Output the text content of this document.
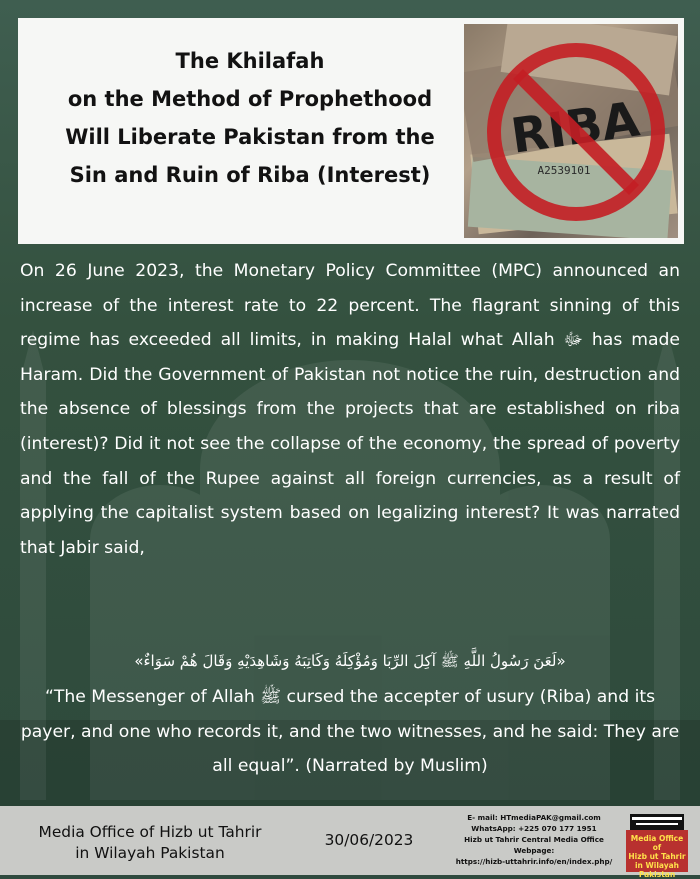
The Khilafah
on the Method of Prophethood
Will Liberate Pakistan from the
Sin and Ruin of Riba (Interest)	A2539101
On 26 June 2023, the Monetary Policy Committee (MPC) announced an increase of the interest rate to 22 percent. The flagrant sinning of this regime has exceeded all limits, in making Halal what Allah ﷻ has made Haram. Did the Government of Pakistan not notice the ruin, destruction and the absence of blessings from the projects that are established on riba (interest)? Did it not see the collapse of the economy, the spread of poverty and the fall of the Rupee against all foreign currencies, as a result of applying the capitalist system based on legalizing interest? It was narrated that Jabir said,
«لَعَنَ رَسُولُ اللَّهِ ﷺ آكِلَ الرِّبَا وَمُؤْكِلَهُ وَكَاتِبَهُ وَشَاهِدَيْهِ وَقَالَ هُمْ سَوَاءٌ»
“The Messenger of Allah ﷺ cursed the accepter of usury (Riba) and its payer, and one who records it, and the two witnesses, and he said: They are all equal”. (Narrated by Muslim)
Media Office of Hizb ut Tahrir
in Wilayah Pakistan
30/06/2023
E- mail: HTmediaPAK@gmail.com
WhatsApp: +225 070 177 1951
Hizb ut Tahrir Central Media Office Webpage:
https://hizb-uttahrir.info/en/index.php/
Media Office of
Hizb ut Tahrir
in Wilayah Pakistan
